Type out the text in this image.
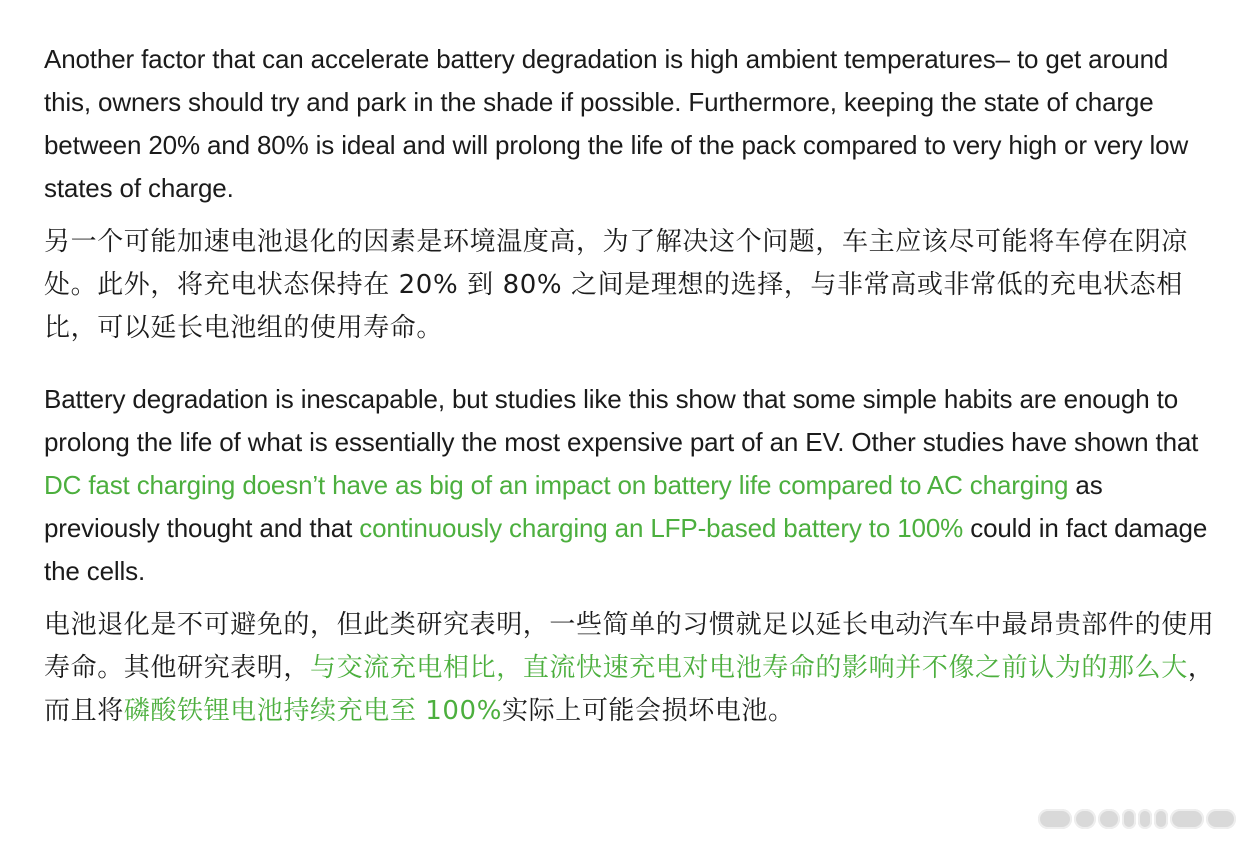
Another factor that can accelerate battery degradation is high ambient temperatures– to get around this, owners should try and park in the shade if possible. Furthermore, keeping the state of charge between 20% and 80% is ideal and will prolong the life of the pack compared to very high or very low states of charge.

另一个可能加速电池退化的因素是环境温度高，为了解决这个问题，车主应该尽可能将车停在阴凉处。此外，将充电状态保持在 20% 到 80% 之间是理想的选择，与非常高或非常低的充电状态相比，可以延长电池组的使用寿命。

Battery degradation is inescapable, but studies like this show that some simple habits are enough to prolong the life of what is essentially the most expensive part of an EV. Other studies have shown that DC fast charging doesn’t have as big of an impact on battery life compared to AC charging as previously thought and that continuously charging an LFP-based battery to 100% could in fact damage the cells.

电池退化是不可避免的，但此类研究表明，一些简单的习惯就足以延长电动汽车中最昂贵部件的使用寿命。其他研究表明，与交流充电相比，直流快速充电对电池寿命的影响并不像之前认为的那么大，而且将磷酸铁锂电池持续充电至 100%实际上可能会损坏电池。
